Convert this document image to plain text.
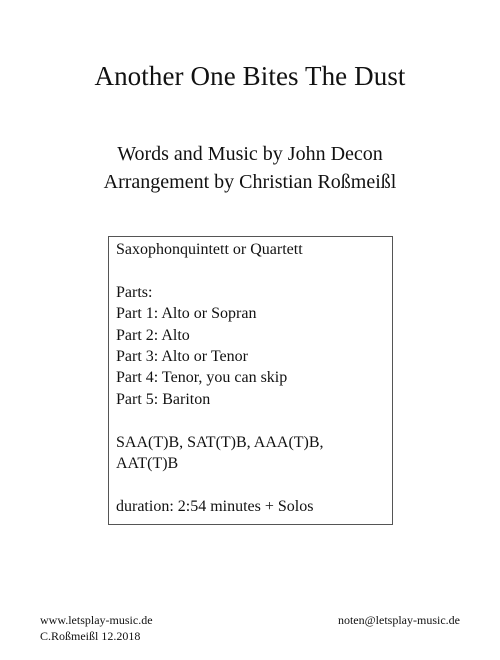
Another One Bites The Dust
Words and Music by John Decon
Arrangement by Christian Roßmeißl
Saxophonquintett or Quartett
Parts:
Part 1: Alto or Sopran
Part 2: Alto
Part 3: Alto or Tenor
Part 4: Tenor, you can skip
Part 5: Bariton
SAA(T)B, SAT(T)B, AAA(T)B,
AAT(T)B
duration: 2:54 minutes + Solos
www.letsplay-music.de
C.Roßmeißl 12.2018
noten@letsplay-music.de
